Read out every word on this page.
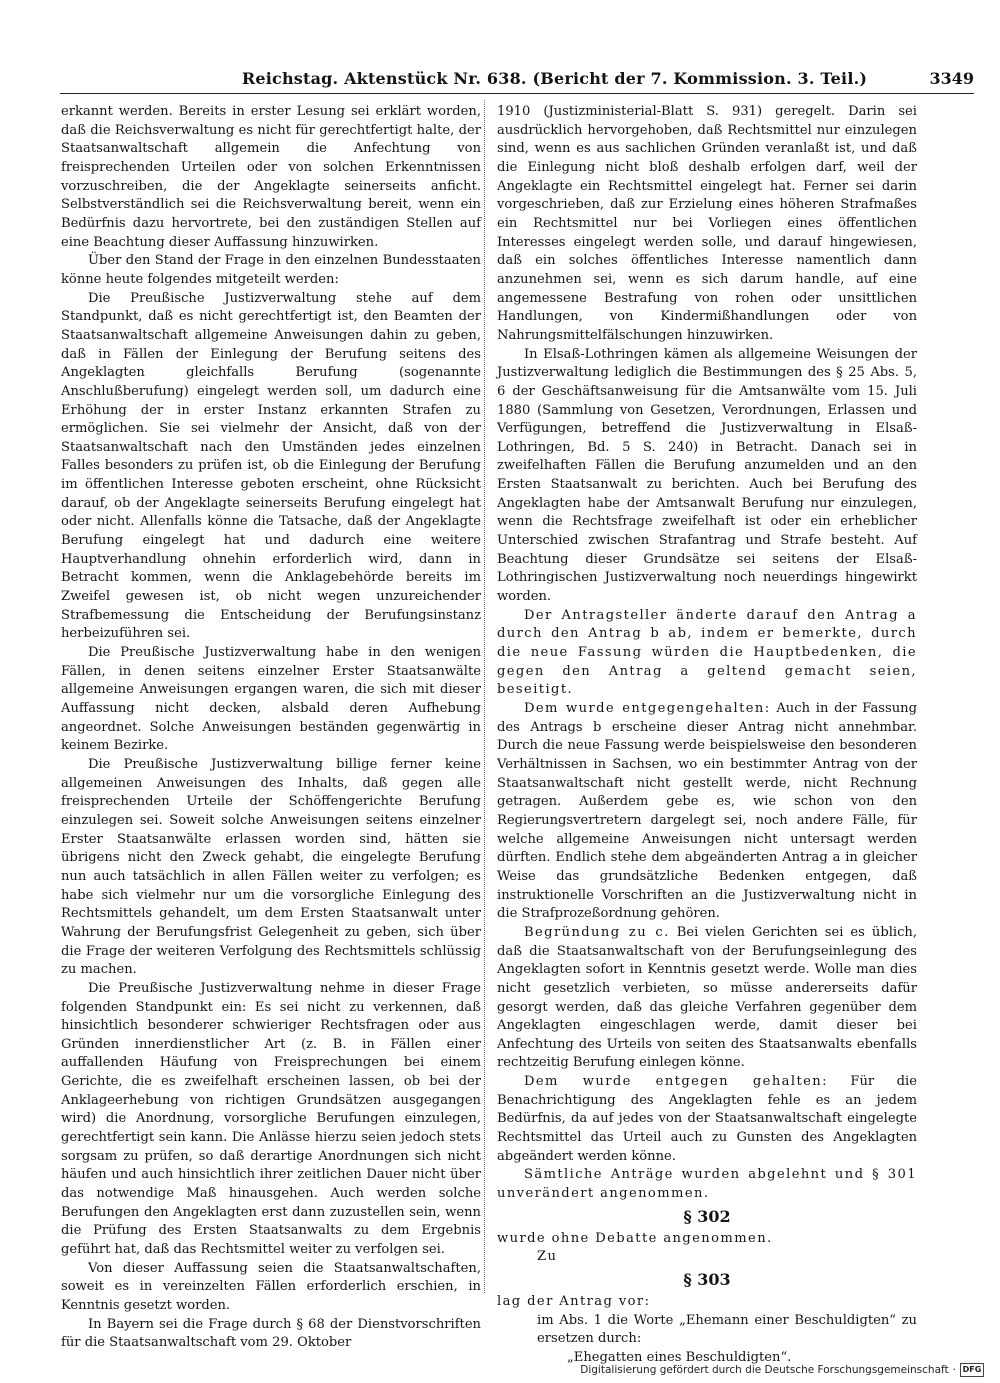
Reichstag. Aktenstück Nr. 638. (Bericht der 7. Kommission. 3. Teil.)	3349

erkannt werden. Bereits in erster Lesung sei erklärt worden, daß die Reichsverwaltung es nicht für gerechtfertigt halte, der Staatsanwaltschaft allgemein die Anfechtung von freisprechenden Urteilen oder von solchen Erkenntnissen vorzuschreiben, die der Angeklagte seinerseits anficht. Selbstverständlich sei die Reichsverwaltung bereit, wenn ein Bedürfnis dazu hervortrete, bei den zuständigen Stellen auf eine Beachtung dieser Auffassung hinzuwirken.

Über den Stand der Frage in den einzelnen Bundesstaaten könne heute folgendes mitgeteilt werden:

Die Preußische Justizverwaltung stehe auf dem Standpunkt, daß es nicht gerechtfertigt ist, den Beamten der Staatsanwaltschaft allgemeine Anweisungen dahin zu geben, daß in Fällen der Einlegung der Berufung seitens des Angeklagten gleichfalls Berufung (sogenannte Anschlußberufung) eingelegt werden soll, um dadurch eine Erhöhung der in erster Instanz erkannten Strafen zu ermöglichen. Sie sei vielmehr der Ansicht, daß von der Staatsanwaltschaft nach den Umständen jedes einzelnen Falles besonders zu prüfen ist, ob die Einlegung der Berufung im öffentlichen Interesse geboten erscheint, ohne Rücksicht darauf, ob der Angeklagte seinerseits Berufung eingelegt hat oder nicht. Allenfalls könne die Tatsache, daß der Angeklagte Berufung eingelegt hat und dadurch eine weitere Hauptverhandlung ohnehin erforderlich wird, dann in Betracht kommen, wenn die Anklagebehörde bereits im Zweifel gewesen ist, ob nicht wegen unzureichender Strafbemessung die Entscheidung der Berufungsinstanz herbeizuführen sei.

Die Preußische Justizverwaltung habe in den wenigen Fällen, in denen seitens einzelner Erster Staatsanwälte allgemeine Anweisungen ergangen waren, die sich mit dieser Auffassung nicht decken, alsbald deren Aufhebung angeordnet. Solche Anweisungen beständen gegenwärtig in keinem Bezirke.

Die Preußische Justizverwaltung billige ferner keine allgemeinen Anweisungen des Inhalts, daß gegen alle freisprechenden Urteile der Schöffengerichte Berufung einzulegen sei. Soweit solche Anweisungen seitens einzelner Erster Staatsanwälte erlassen worden sind, hätten sie übrigens nicht den Zweck gehabt, die eingelegte Berufung nun auch tatsächlich in allen Fällen weiter zu verfolgen; es habe sich vielmehr nur um die vorsorgliche Einlegung des Rechtsmittels gehandelt, um dem Ersten Staatsanwalt unter Wahrung der Berufungsfrist Gelegenheit zu geben, sich über die Frage der weiteren Verfolgung des Rechtsmittels schlüssig zu machen.

Die Preußische Justizverwaltung nehme in dieser Frage folgenden Standpunkt ein: Es sei nicht zu verkennen, daß hinsichtlich besonderer schwieriger Rechtsfragen oder aus Gründen innerdienstlicher Art (z. B. in Fällen einer auffallenden Häufung von Freisprechungen bei einem Gerichte, die es zweifelhaft erscheinen lassen, ob bei der Anklageerhebung von richtigen Grundsätzen ausgegangen wird) die Anordnung, vorsorgliche Berufungen einzulegen, gerechtfertigt sein kann. Die Anlässe hierzu seien jedoch stets sorgsam zu prüfen, so daß derartige Anordnungen sich nicht häufen und auch hinsichtlich ihrer zeitlichen Dauer nicht über das notwendige Maß hinausgehen. Auch werden solche Berufungen den Angeklagten erst dann zuzustellen sein, wenn die Prüfung des Ersten Staatsanwalts zu dem Ergebnis geführt hat, daß das Rechtsmittel weiter zu verfolgen sei.

Von dieser Auffassung seien die Staatsanwaltschaften, soweit es in vereinzelten Fällen erforderlich erschien, in Kenntnis gesetzt worden.

In Bayern sei die Frage durch § 68 der Dienstvorschriften für die Staatsanwaltschaft vom 29. Oktober

1910 (Justizministerial-Blatt S. 931) geregelt. Darin sei ausdrücklich hervorgehoben, daß Rechtsmittel nur einzulegen sind, wenn es aus sachlichen Gründen veranlaßt ist, und daß die Einlegung nicht bloß deshalb erfolgen darf, weil der Angeklagte ein Rechtsmittel eingelegt hat. Ferner sei darin vorgeschrieben, daß zur Erzielung eines höheren Strafmaßes ein Rechtsmittel nur bei Vorliegen eines öffentlichen Interesses eingelegt werden solle, und darauf hingewiesen, daß ein solches öffentliches Interesse namentlich dann anzunehmen sei, wenn es sich darum handle, auf eine angemessene Bestrafung von rohen oder unsittlichen Handlungen, von Kindermißhandlungen oder von Nahrungsmittelfälschungen hinzuwirken.

In Elsaß-Lothringen kämen als allgemeine Weisungen der Justizverwaltung lediglich die Bestimmungen des § 25 Abs. 5, 6 der Geschäftsanweisung für die Amtsanwälte vom 15. Juli 1880 (Sammlung von Gesetzen, Verordnungen, Erlassen und Verfügungen, betreffend die Justizverwaltung in Elsaß-Lothringen, Bd. 5 S. 240) in Betracht. Danach sei in zweifelhaften Fällen die Berufung anzumelden und an den Ersten Staatsanwalt zu berichten. Auch bei Berufung des Angeklagten habe der Amtsanwalt Berufung nur einzulegen, wenn die Rechtsfrage zweifelhaft ist oder ein erheblicher Unterschied zwischen Strafantrag und Strafe besteht. Auf Beachtung dieser Grundsätze sei seitens der Elsaß-Lothringischen Justizverwaltung noch neuerdings hingewirkt worden.

Der Antragsteller änderte darauf den Antrag a durch den Antrag b ab, indem er bemerkte, durch die neue Fassung würden die Hauptbedenken, die gegen den Antrag a geltend gemacht seien, beseitigt.

Dem wurde entgegengehalten: Auch in der Fassung des Antrags b erscheine dieser Antrag nicht annehmbar. Durch die neue Fassung werde beispielsweise den besonderen Verhältnissen in Sachsen, wo ein bestimmter Antrag von der Staatsanwaltschaft nicht gestellt werde, nicht Rechnung getragen. Außerdem gebe es, wie schon von den Regierungsvertretern dargelegt sei, noch andere Fälle, für welche allgemeine Anweisungen nicht untersagt werden dürften. Endlich stehe dem abgeänderten Antrag a in gleicher Weise das grundsätzliche Bedenken entgegen, daß instruktionelle Vorschriften an die Justizverwaltung nicht in die Strafprozeßordnung gehören.

Begründung zu c. Bei vielen Gerichten sei es üblich, daß die Staatsanwaltschaft von der Berufungseinlegung des Angeklagten sofort in Kenntnis gesetzt werde. Wolle man dies nicht gesetzlich verbieten, so müsse andererseits dafür gesorgt werden, daß das gleiche Verfahren gegenüber dem Angeklagten eingeschlagen werde, damit dieser bei Anfechtung des Urteils von seiten des Staatsanwalts ebenfalls rechtzeitig Berufung einlegen könne.

Dem wurde entgegen gehalten: Für die Benachrichtigung des Angeklagten fehle es an jedem Bedürfnis, da auf jedes von der Staatsanwaltschaft eingelegte Rechtsmittel das Urteil auch zu Gunsten des Angeklagten abgeändert werden könne.

Sämtliche Anträge wurden abgelehnt und § 301 unverändert angenommen.

§ 302

wurde ohne Debatte angenommen.

Zu

§ 303

lag der Antrag vor:

im Abs. 1 die Worte „Ehemann einer Beschuldigten“ zu ersetzen durch:

„Ehegatten eines Beschuldigten“.

Digitalisierung gefördert durch die Deutsche Forschungsgemeinschaft · DFG
